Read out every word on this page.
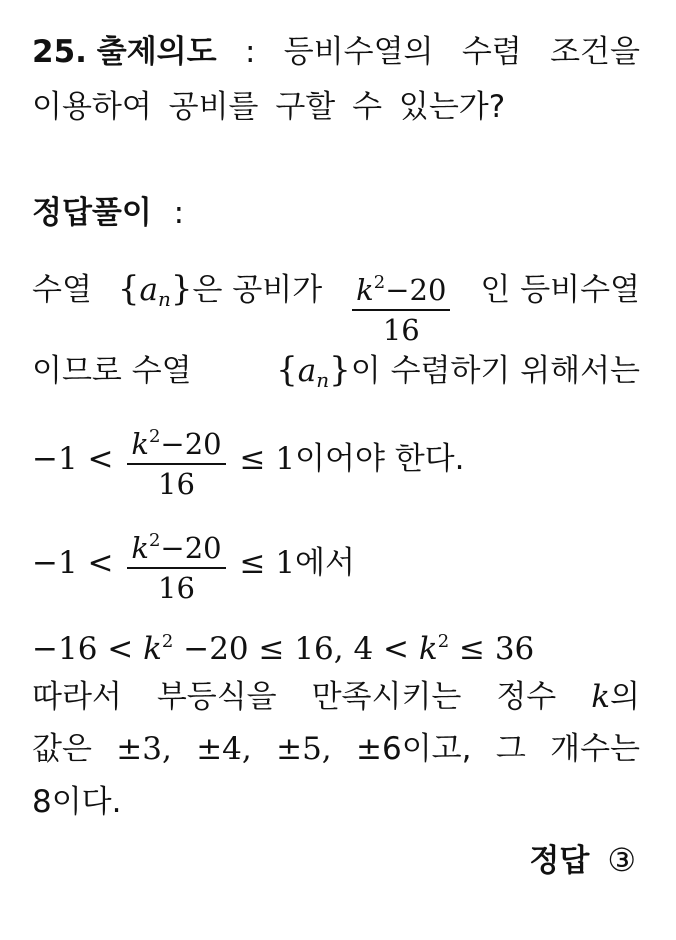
25. 출제의도 : 등비수열의 수렴 조건을
이용하여 공비를 구할 수 있는가?
정답풀이 :
수열 $\{a_n\}$은 공비가 $\frac{k^2-20}{16}$ 인 등비수열
이므로 수열 $\{a_n\}$이 수렴하기 위해서는
$-1 < \frac{k^2-20}{16} \le 1$이어야 한다.
$-1 < \frac{k^2-20}{16} \le 1$에서
$-16 < k^2 -20 \le 16$, $4 < k^2 \le 36$
따라서 부등식을 만족시키는 정수 k의
값은 ±3, ±4, ±5, ±6이고, 그 개수는
8이다.
정답 ③
